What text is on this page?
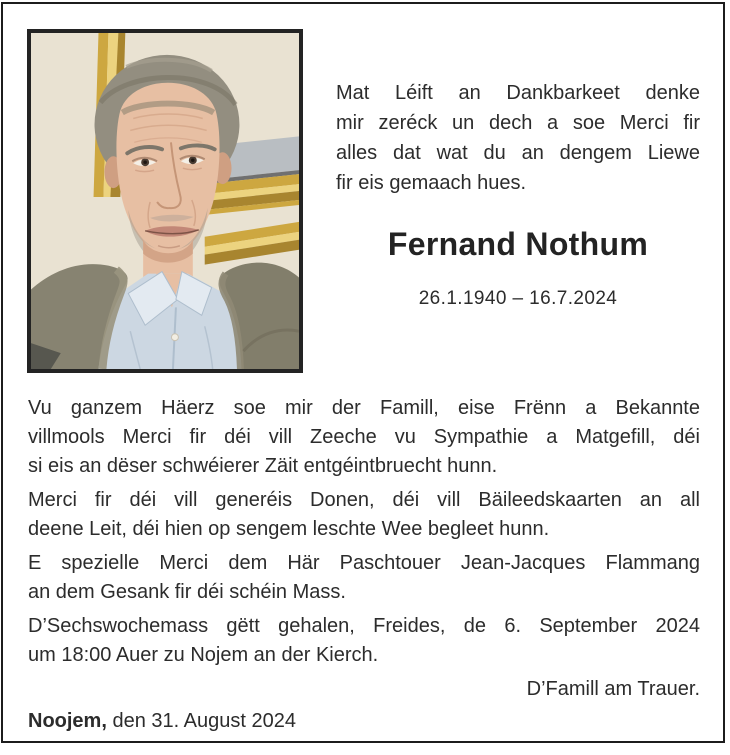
Mat Léift an Dankbarkeet denke
mir zeréck un dech a soe Merci fir
alles dat wat du an dengem Liewe
fir eis gemaach hues.
Fernand Nothum
26.1.1940 – 16.7.2024
Vu ganzem Häerz soe mir der Famill, eise Frënn a Bekannte
villmools Merci fir déi vill Zeeche vu Sympathie a Matgefill, déi
si eis an dëser schwéierer Zäit entgéintbruecht hunn.
Merci fir déi vill generéis Donen, déi vill Bäileedskaarten an all
deene Leit, déi hien op sengem leschte Wee begleet hunn.
E spezielle Merci dem Här Paschtouer Jean-Jacques Flammang
an dem Gesank fir déi schéin Mass.
D’Sechswochemass gëtt gehalen, Freides, de 6. September 2024
um 18:00 Auer zu Nojem an der Kierch.
D’Famill am Trauer.
Noojem, den 31. August 2024
